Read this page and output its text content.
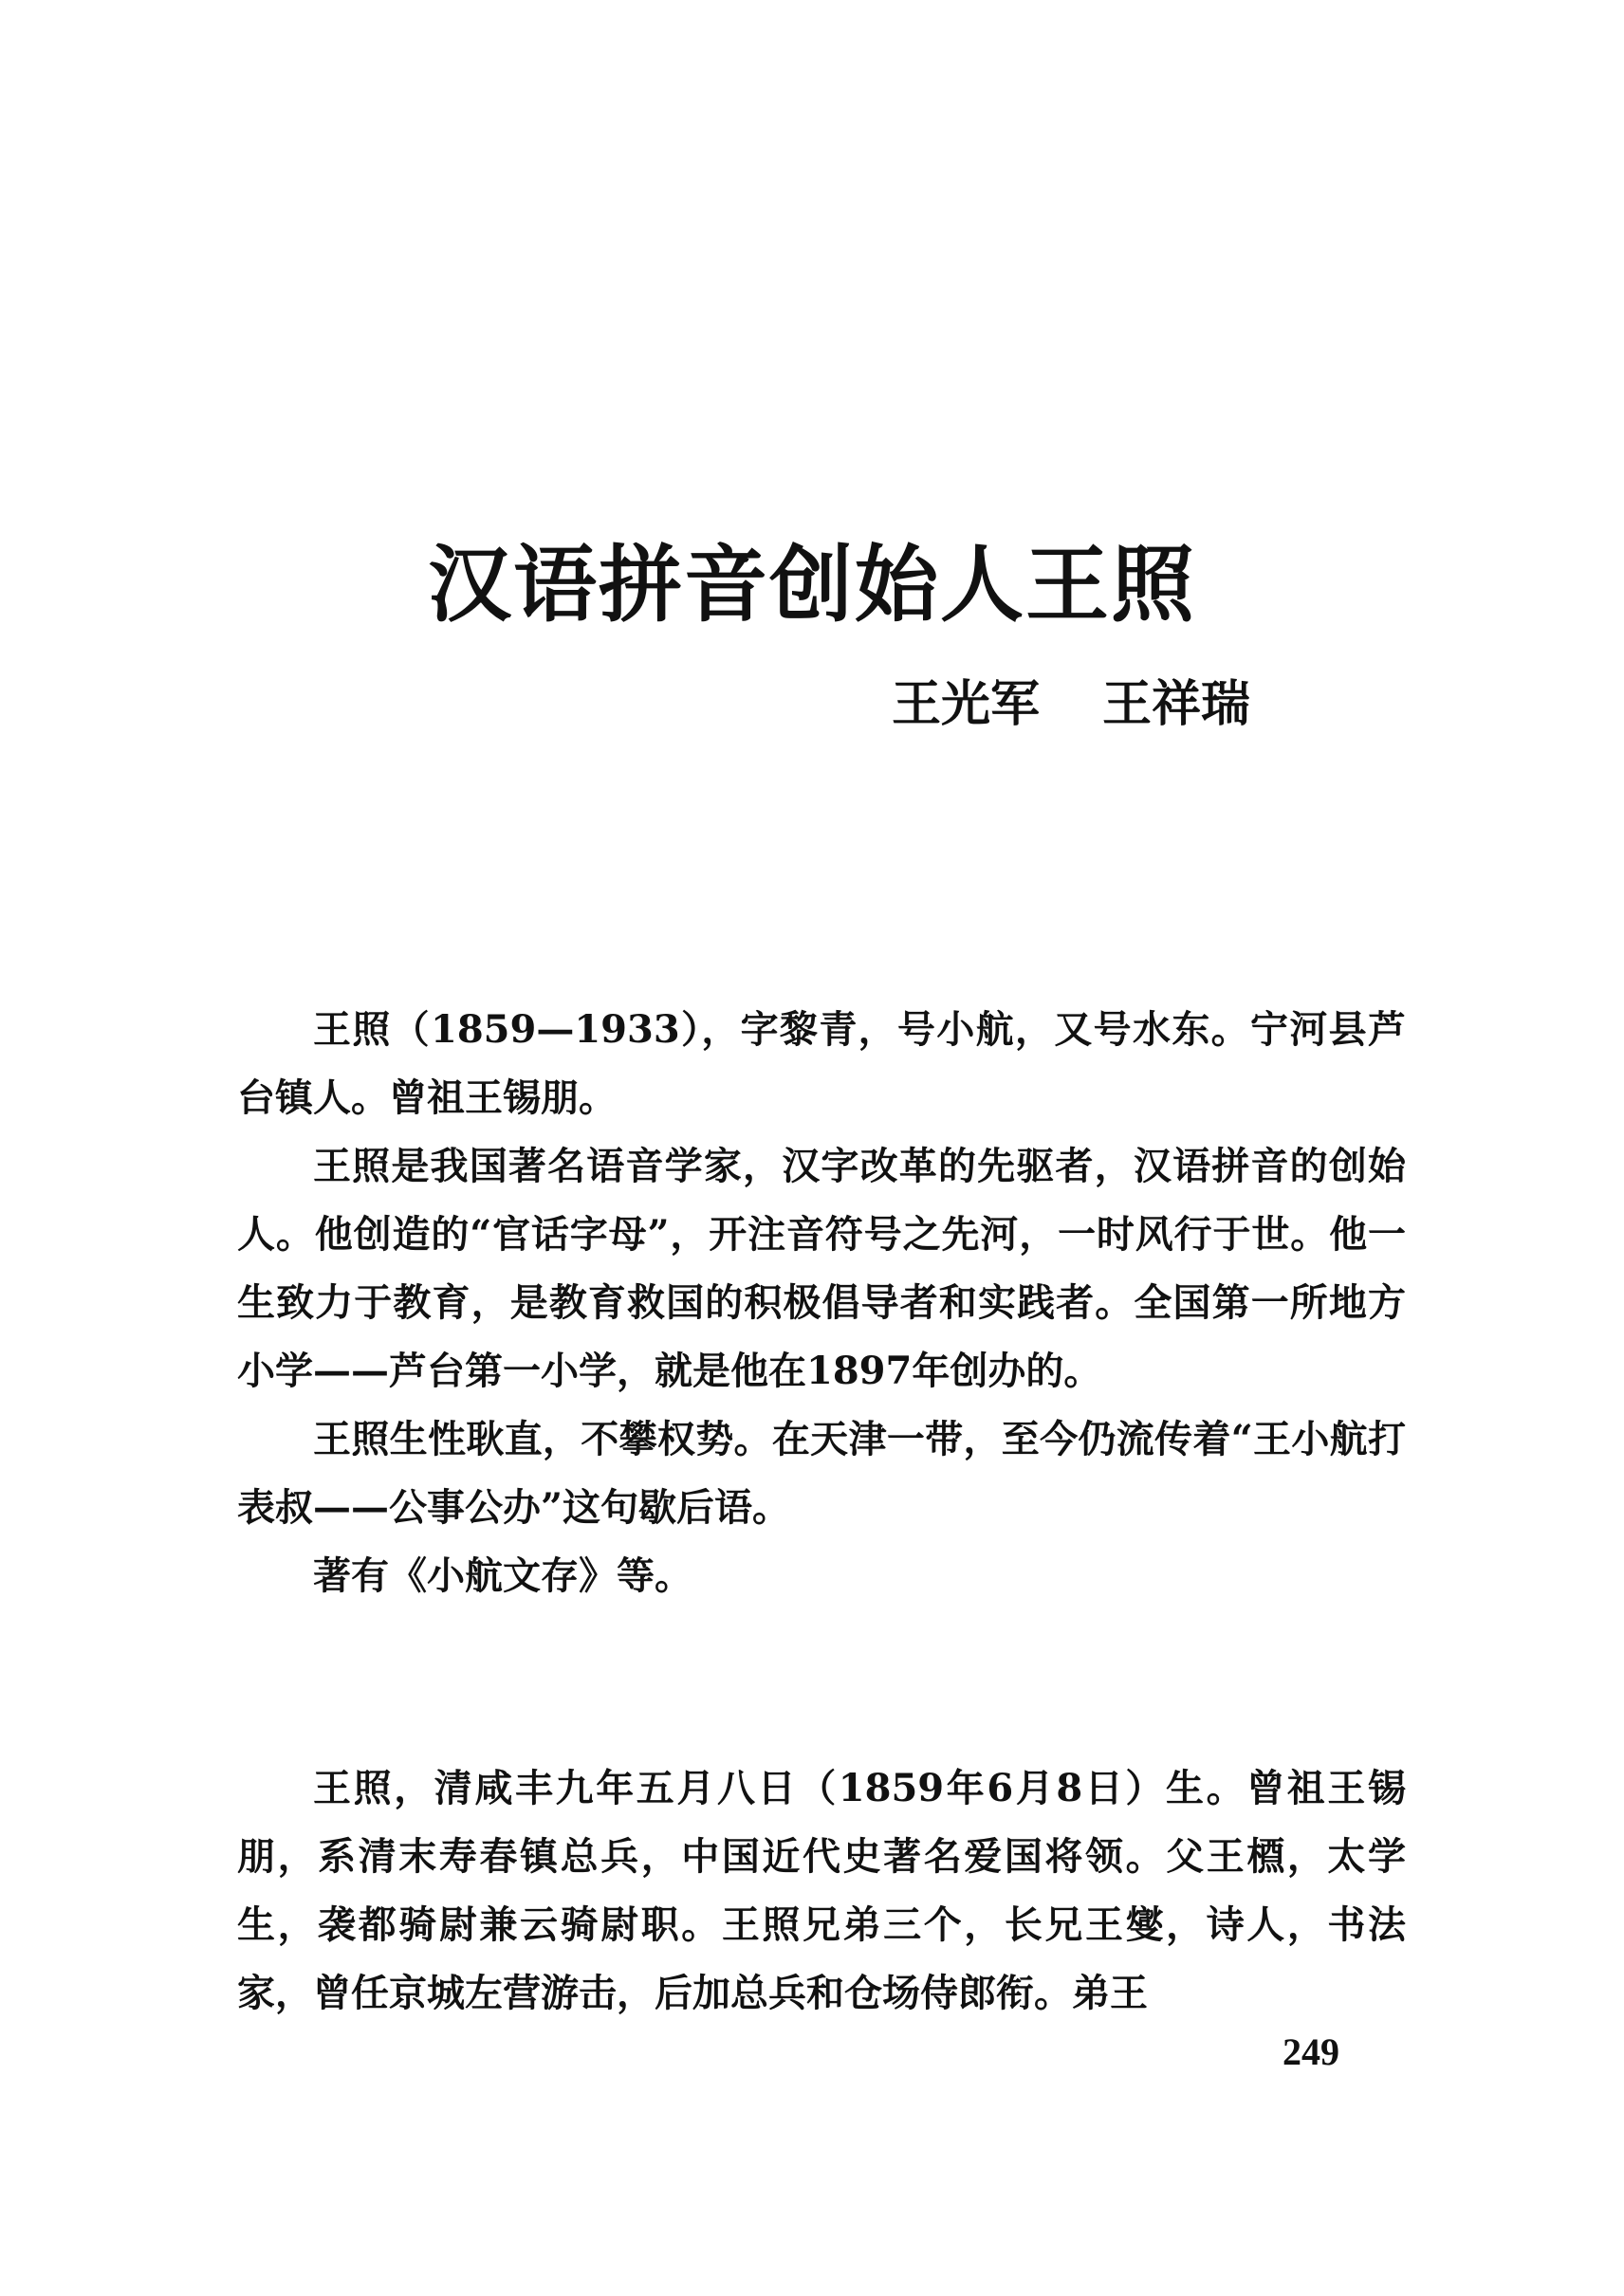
汉语拼音创始人王照
王光军 王祥瑞

王照（1859—1933），字黎青，号小航，又号水东。宁河县芦台镇人。曾祖王锡朋。

王照是我国著名语音学家，汉字改革的先驱者，汉语拼音的创始人。他创造的“官话字母”，开注音符号之先河，一时风行于世。他一生致力于教育，是教育救国的积极倡导者和实践者。全国第一所地方小学——芦台第一小学，就是他在1897年创办的。

王照生性耿直，不攀权势。在天津一带，至今仍流传着“王小航打表叔——公事公办”这句歇后语。

著有《小航文存》等。

王照，清咸丰九年五月八日（1859年6月8日）生。曾祖王锡朋，系清末寿春镇总兵，中国近代史著名爱国将领。父王槱，太学生，袭都骑尉兼云骑尉职。王照兄弟三个，长兄王燮，诗人，书法家，曾任京城左营游击，后加总兵和仓场侍郎衔。弟王

249
